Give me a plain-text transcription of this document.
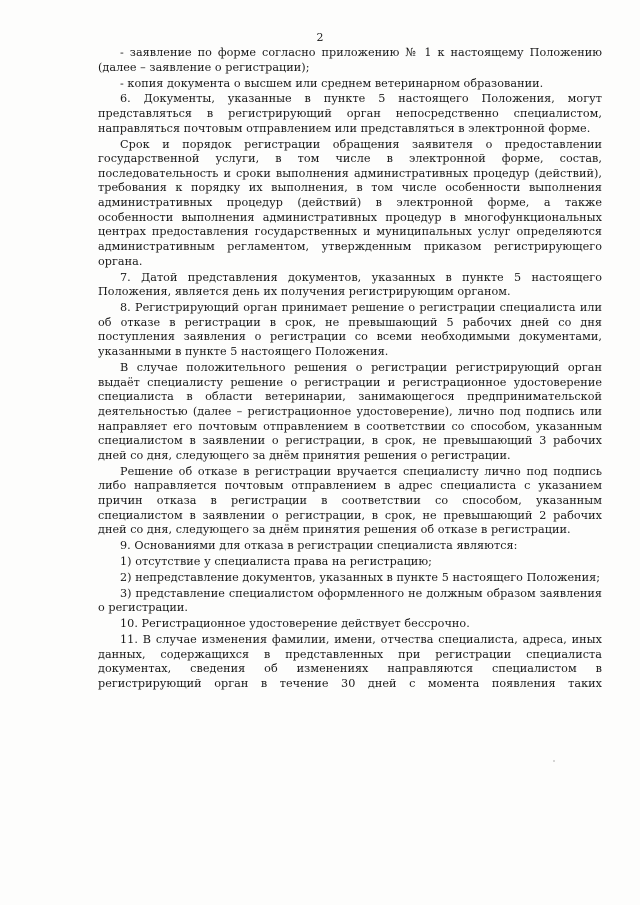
2

- заявление по форме согласно приложению № 1 к настоящему Положению (далее – заявление о регистрации);

- копия документа о высшем или среднем ветеринарном образовании.

6. Документы, указанные в пункте 5 настоящего Положения, могут представляться в регистрирующий орган непосредственно специалистом, направляться почтовым отправлением или представляться в электронной форме.

Срок и порядок регистрации обращения заявителя о предоставлении государственной услуги, в том числе в электронной форме, состав, последовательность и сроки выполнения административных процедур (действий), требования к порядку их выполнения, в том числе особенности выполнения административных процедур (действий) в электронной форме, а также особенности выполнения административных процедур в многофункциональных центрах предоставления государственных и муниципальных услуг определяются административным регламентом, утвержденным приказом регистрирующего органа.

7. Датой представления документов, указанных в пункте 5 настоящего Положения, является день их получения регистрирующим органом.

8. Регистрирующий орган принимает решение о регистрации специалиста или об отказе в регистрации в срок, не превышающий 5 рабочих дней со дня поступления заявления о регистрации со всеми необходимыми документами, указанными в пункте 5 настоящего Положения.

В случае положительного решения о регистрации регистрирующий орган выдаёт специалисту решение о регистрации и регистрационное удостоверение специалиста в области ветеринарии, занимающегося предпринимательской деятельностью (далее – регистрационное удостоверение), лично под подпись или направляет его почтовым отправлением в соответствии со способом, указанным специалистом в заявлении о регистрации, в срок, не превышающий 3 рабочих дней со дня, следующего за днём принятия решения о регистрации.

Решение об отказе в регистрации вручается специалисту лично под подпись либо направляется почтовым отправлением в адрес специалиста с указанием причин отказа в регистрации в соответствии со способом, указанным специалистом в заявлении о регистрации, в срок, не превышающий 2 рабочих дней со дня, следующего за днём принятия решения об отказе в регистрации.

9. Основаниями для отказа в регистрации специалиста являются:

1) отсутствие у специалиста права на регистрацию;

2) непредставление документов, указанных в пункте 5 настоящего Положения;

3) представление специалистом оформленного не должным образом заявления о регистрации.

10. Регистрационное удостоверение действует бессрочно.

11. В случае изменения фамилии, имени, отчества специалиста, адреса, иных данных, содержащихся в представленных при регистрации специалиста документах, сведения об изменениях направляются специалистом в регистрирующий орган в течение 30 дней с момента появления таких
